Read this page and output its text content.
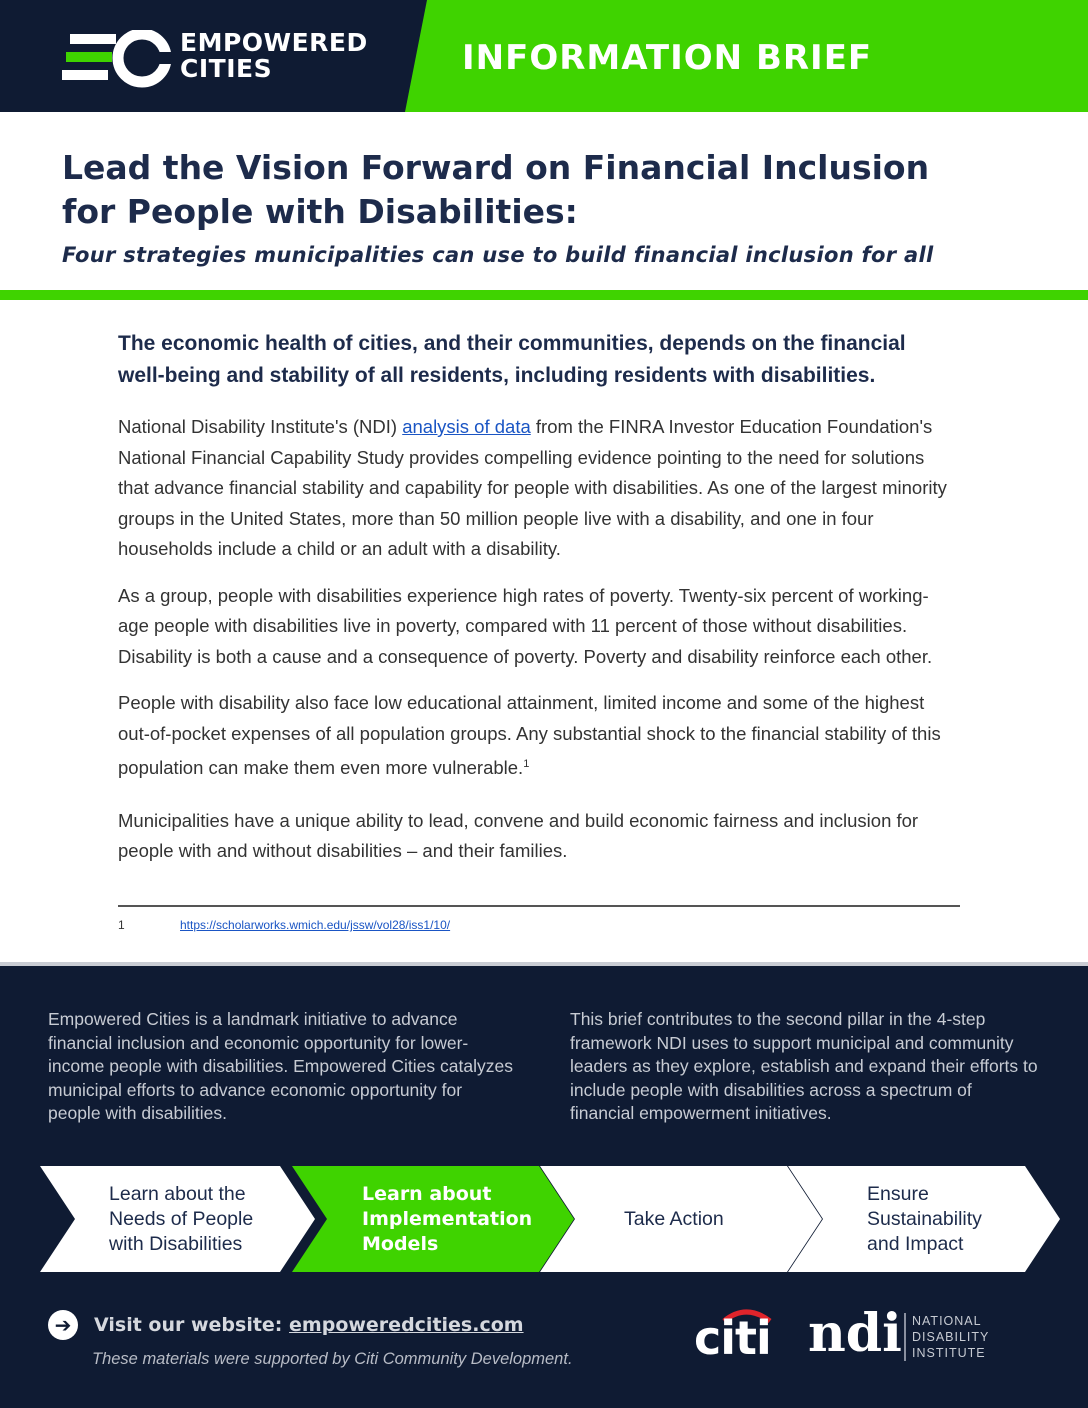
EMPOWERED
CITIES	INFORMATION BRIEF
Lead the Vision Forward on Financial Inclusion
for People with Disabilities:
Four strategies municipalities can use to build financial inclusion for all

The economic health of cities, and their communities, depends on the financial well-being and stability of all residents, including residents with disabilities.

National Disability Institute's (NDI) analysis of data from the FINRA Investor Education Foundation's National Financial Capability Study provides compelling evidence pointing to the need for solutions that advance financial stability and capability for people with disabilities. As one of the largest minority groups in the United States, more than 50 million people live with a disability, and one in four households include a child or an adult with a disability.

As a group, people with disabilities experience high rates of poverty. Twenty-six percent of working-age people with disabilities live in poverty, compared with 11 percent of those without disabilities. Disability is both a cause and a consequence of poverty. Poverty and disability reinforce each other.

People with disability also face low educational attainment, limited income and some of the highest out-of-pocket expenses of all population groups. Any substantial shock to the financial stability of this population can make them even more vulnerable.$^1$

Municipalities have a unique ability to lead, convene and build economic fairness and inclusion for people with and without disabilities – and their families.

1	https://scholarworks.wmich.edu/jssw/vol28/iss1/10/
Empowered Cities is a landmark initiative to advance financial inclusion and economic opportunity for lower-income people with disabilities. Empowered Cities catalyzes municipal efforts to advance economic opportunity for people with disabilities.
This brief contributes to the second pillar in the 4-step framework NDI uses to support municipal and community leaders as they explore, establish and expand their efforts to include people with disabilities across a spectrum of financial empowerment initiatives.
Learn about the
Needs of People
with Disabilities
Learn about
Implementation
Models
Take Action
Ensure
Sustainability
and Impact
➔	Visit our website: empoweredcities.com
These materials were supported by Citi Community Development.	citi ndi NATIONAL
DISABILITY
INSTITUTE
